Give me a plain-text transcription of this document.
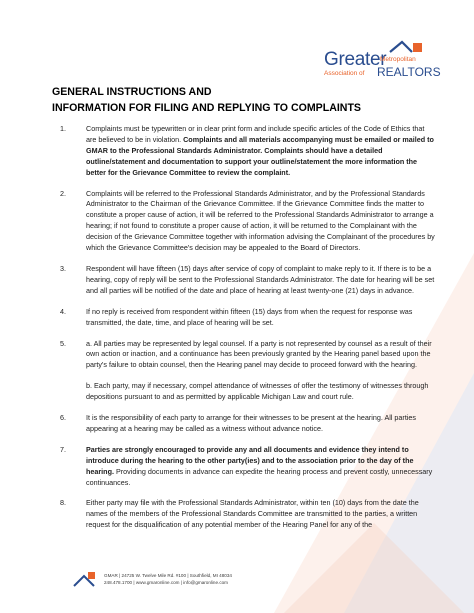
Greater
Metropolitan
Association of REALTORS
GENERAL INSTRUCTIONS AND
INFORMATION FOR FILING AND REPLYING TO COMPLAINTS
1.	Complaints must be typewritten or in clear print form and include specific articles of the Code of Ethics that are believed to be in violation. Complaints and all materials accompanying must be emailed or mailed to GMAR to the Professional Standards Administrator. Complaints should have a detailed outline/statement and documentation to support your outline/statement the more information the better for the Grievance Committee to review the complaint.
2.	Complaints will be referred to the Professional Standards Administrator, and by the Professional Standards Administrator to the Chairman of the Grievance Committee. If the Grievance Committee finds the matter to constitute a proper cause of action, it will be referred to the Professional Standards Administrator to arrange a hearing; if not found to constitute a proper cause of action, it will be returned to the Complainant with the decision of the Grievance Committee together with information advising the Complainant of the procedures by which the Grievance Committee's decision may be appealed to the Board of Directors.
3.	Respondent will have fifteen (15) days after service of copy of complaint to make reply to it. If there is to be a hearing, copy of reply will be sent to the Professional Standards Administrator. The date for hearing will be set and all parties will be notified of the date and place of hearing at least twenty-one (21) days in advance.
4.	If no reply is received from respondent within fifteen (15) days from when the request for response was transmitted, the date, time, and place of hearing will be set.
5.	a. All parties may be represented by legal counsel. If a party is not represented by counsel as a result of their own action or inaction, and a continuance has been previously granted by the Hearing panel based upon the party's failure to obtain counsel, then the Hearing panel may decide to proceed forward with the hearing.

b. Each party, may if necessary, compel attendance of witnesses of offer the testimony of witnesses through depositions pursuant to and as permitted by applicable Michigan Law and court rule.

6.	It is the responsibility of each party to arrange for their witnesses to be present at the hearing. All parties appearing at a hearing may be called as a witness without advance notice.
7.	Parties are strongly encouraged to provide any and all documents and evidence they intend to introduce during the hearing to the other party(ies) and to the association prior to the day of the hearing. Providing documents in advance can expedite the hearing process and prevent costly, unnecessary continuances.
8.	Either party may file with the Professional Standards Administrator, within ten (10) days from the date the names of the members of the Professional Standards Committee are transmitted to the parties, a written request for the disqualification of any potential member of the Hearing Panel for any of the
GMAR | 24725 W. Twelve Mile Rd. #100 | Southfield, MI 48034
248.478.1700 | www.gmaronline.com | info@gmaronline.com
